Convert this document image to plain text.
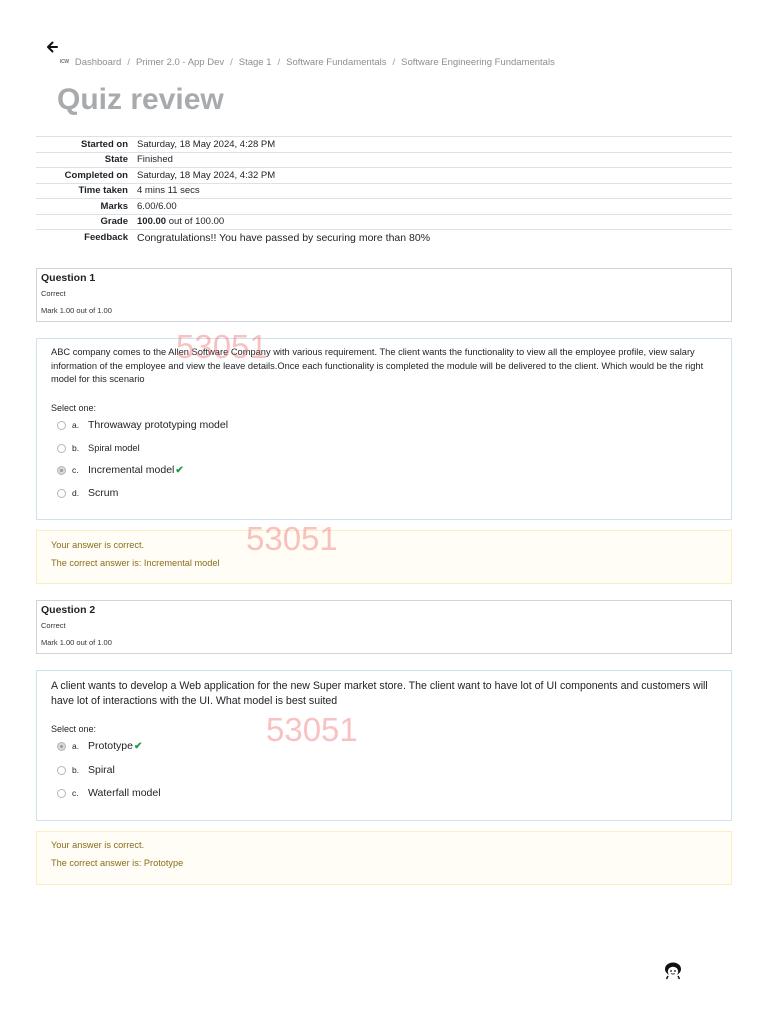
ICW Dashboard / Primer 2.0 - App Dev / Stage 1 / Software Fundamentals / Software Engineering Fundamentals
Quiz review
Started on	Saturday, 18 May 2024, 4:28 PM
State	Finished
Completed on	Saturday, 18 May 2024, 4:32 PM
Time taken	4 mins 11 secs
Marks	6.00/6.00
Grade	100.00 out of 100.00
Feedback	Congratulations!! You have passed by securing more than 80%
Question 1
Correct
Mark 1.00 out of 1.00
ABC company comes to the Allen Software Company with various requirement. The client wants the functionality to view all the employee profile, view salary information of the employee and view the leave details.Once each functionality is completed the module will be delivered to the client. Which would be the right model for this scenario
Select one:
a. Throwaway prototyping model
b. Spiral model
c. Incremental model ✔
d. Scrum
Your answer is correct.
The correct answer is: Incremental model
Question 2
Correct
Mark 1.00 out of 1.00
A client wants to develop a Web application for the new Super market store. The client want to have lot of UI components and customers will have lot of interactions with the UI. What model is best suited
Select one:
a. Prototype ✔
b. Spiral
c. Waterfall model
Your answer is correct.
The correct answer is: Prototype
53051
53051
53051
